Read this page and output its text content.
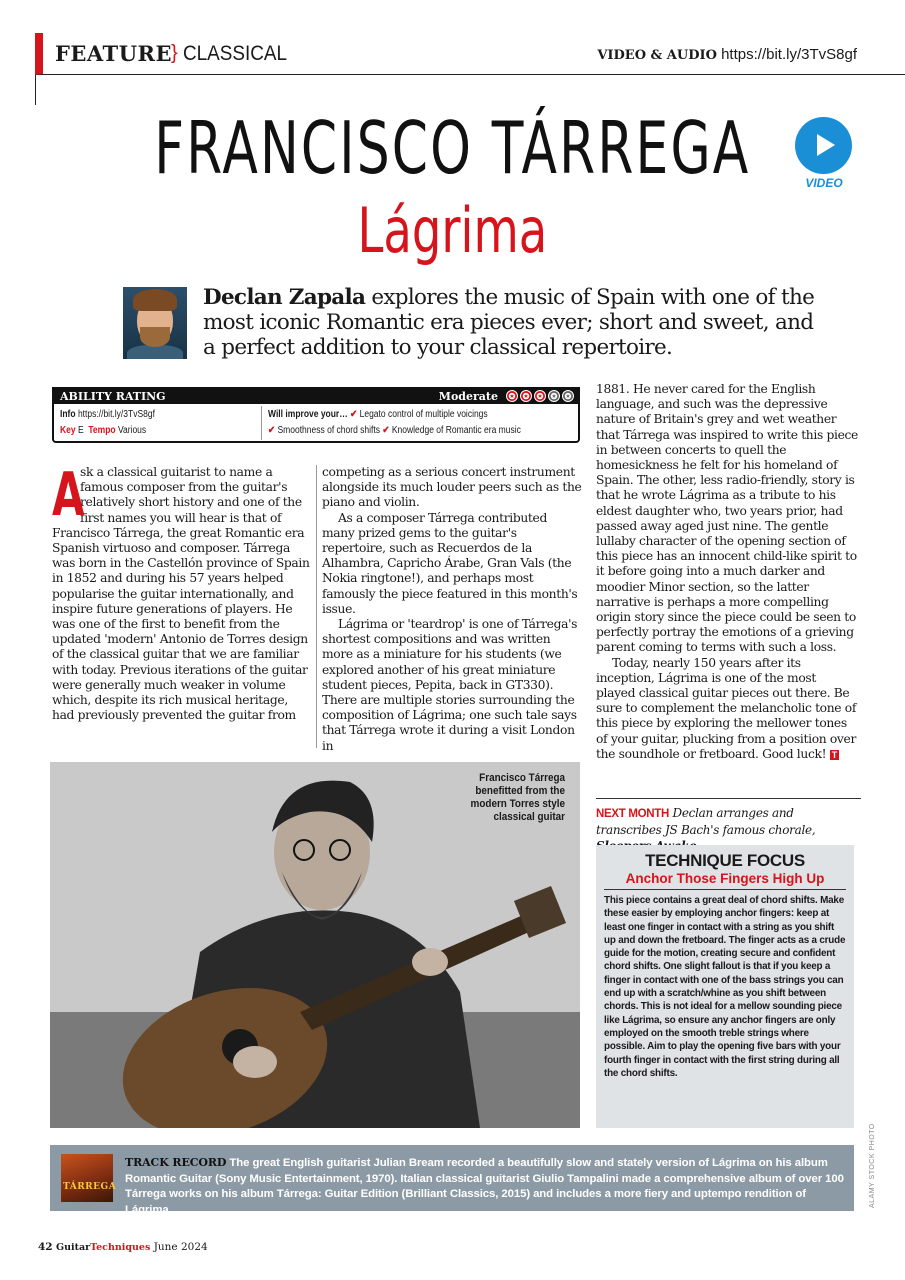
FEATURE } CLASSICAL	VIDEO & AUDIO https://bit.ly/3TvS8gf
FRANCISCO TÁRREGA
Lágrima
VIDEO
Declan Zapala explores the music of Spain with one of the most iconic Romantic era pieces ever; short and sweet, and a perfect addition to your classical repertoire.
ABILITY RATING	Moderate	✪ ✪ ✪ ✪ ✪
Info https://bit.ly/3TvS8gf
Key E Tempo Various
Will improve your… ✔ Legato control of multiple voicings
✔ Smoothness of chord shifts ✔ Knowledge of Romantic era music

A
sk a classical guitarist to name a famous composer from the guitar's relatively short history and one of the first names you will hear is that of Francisco Tárrega, the great Romantic era Spanish virtuoso and composer. Tárrega was born in the Castellón province of Spain in 1852 and during his 57 years helped popularise the guitar internationally, and inspire future generations of players. He was one of the first to benefit from the updated 'modern' Antonio de Torres design of the classical guitar that we are familiar with today. Previous iterations of the guitar were generally much weaker in volume which, despite its rich musical heritage, had previously prevented the guitar from

competing as a serious concert instrument alongside its much louder peers such as the piano and violin.

As a composer Tárrega contributed many prized gems to the guitar's repertoire, such as Recuerdos de la Alhambra, Capricho Árabe, Gran Vals (the Nokia ringtone!), and perhaps most famously the piece featured in this month's issue.

Lágrima or 'teardrop' is one of Tárrega's shortest compositions and was written more as a miniature for his students (we explored another of his great miniature student pieces, Pepita, back in GT330). There are multiple stories surrounding the composition of Lágrima; one such tale says that Tárrega wrote it during a visit London in

1881. He never cared for the English language, and such was the depressive nature of Britain's grey and wet weather that Tárrega was inspired to write this piece in between concerts to quell the homesickness he felt for his homeland of Spain. The other, less radio-friendly, story is that he wrote Lágrima as a tribute to his eldest daughter who, two years prior, had passed away aged just nine. The gentle lullaby character of the opening section of this piece has an innocent child-like spirit to it before going into a much darker and moodier Minor section, so the latter narrative is perhaps a more compelling origin story since the piece could be seen to perfectly portray the emotions of a grieving parent coming to terms with such a loss.

Today, nearly 150 years after its inception, Lágrima is one of the most played classical guitar pieces out there. Be sure to complement the melancholic tone of this piece by exploring the mellower tones of your guitar, plucking from a position over the soundhole or fretboard. Good luck! T

Francisco Tárrega benefitted from the modern Torres style classical guitar	NEXT MONTH Declan arranges and transcribes JS Bach's famous chorale,
TECHNIQUE FOCUS
Anchor Those Fingers High Up
This piece contains a great deal of chord shifts. Make these easier by employing anchor fingers: keep at least one finger in contact with a string as you shift up and down the fretboard. The finger acts as a crude guide for the motion, creating secure and confident chord shifts. One slight fallout is that if you keep a finger in contact with one of the bass strings you can end up with a scratch/whine as you shift between chords. This is not ideal for a mellow sounding piece like Lágrima, so ensure any anchor fingers are only employed on the smooth treble strings where possible. Aim to play the opening five bars with your fourth finger in contact with the first string during all the chord shifts.
TÁRREGA
TRACK RECORD The great English guitarist Julian Bream recorded a beautifully slow and stately version of Lágrima on his album Romantic Guitar (Sony Music Entertainment, 1970). Italian classical guitarist Giulio Tampalini made a comprehensive album of over 100 Tárrega works on his album Tárrega: Guitar Edition (Brilliant Classics, 2015) and includes a more fiery and uptempo rendition of Lágrima.
ALAMY STOCK PHOTO
42 GuitarTechniques June 2024
